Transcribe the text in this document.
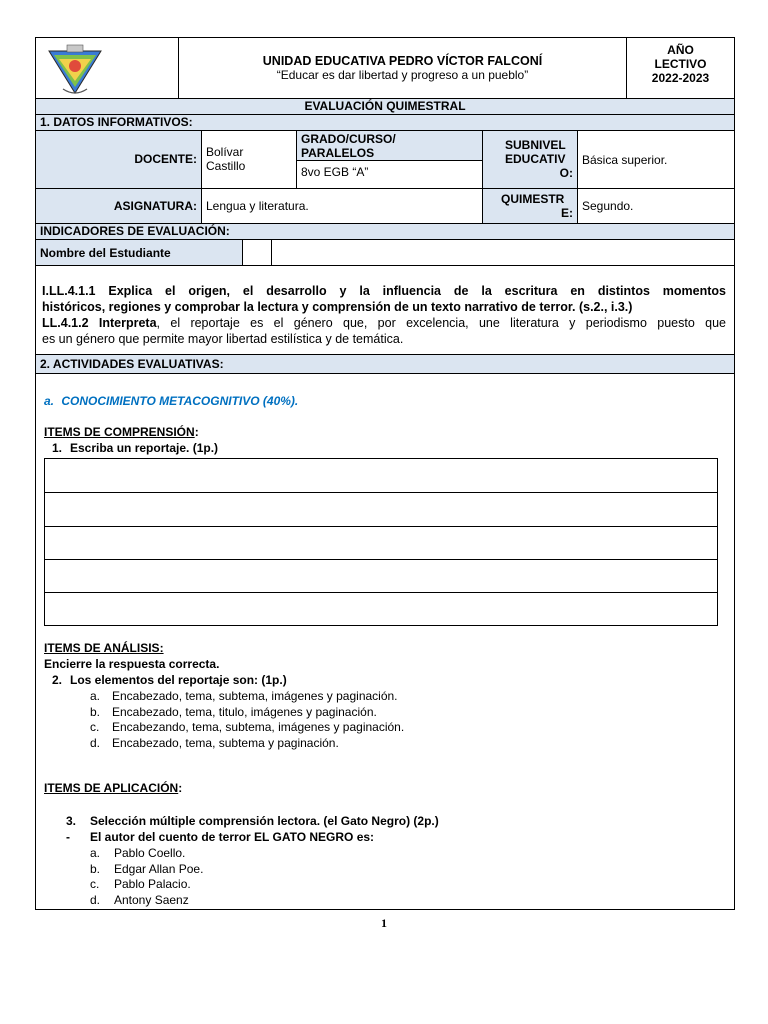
UNIDAD EDUCATIVA PEDRO VÍCTOR FALCONÍ
“Educar es dar libertad y progreso a un pueblo”
AÑO
LECTIVO
2022-2023
EVALUACIÓN QUIMESTRAL
1. DATOS INFORMATIVOS:
DOCENTE: Bolívar
Castillo
GRADO/CURSO/
PARALELOS
8vo EGB “A”
SUBNIVEL
EDUCATIV
O:
Básica superior.
ASIGNATURA: Lengua y literatura.	QUIMESTR
E: Segundo.
INDICADORES DE EVALUACIÓN:
Nombre del Estudiante
I.LL.4.1.1 Explica el origen, el desarrollo y la influencia de la escritura en distintos momentos
históricos, regiones y comprobar la lectura y comprensión de un texto narrativo de terror. (s.2., i.3.)
LL.4.1.2 Interpreta, el reportaje es el género que, por excelencia, une literatura y periodismo puesto que
es un género que permite mayor libertad estilística y de temática.
2. ACTIVIDADES EVALUATIVAS:
a. CONOCIMIENTO METACOGNITIVO (40%).
ITEMS DE COMPRENSIÓN:
1. Escriba un reportaje. (1p.)
ITEMS DE ANÁLISIS:
Encierre la respuesta correcta.
2. Los elementos del reportaje son: (1p.)
a. Encabezado, tema, subtema, imágenes y paginación.
b. Encabezado, tema, titulo, imágenes y paginación.
c. Encabezando, tema, subtema, imágenes y paginación.
d. Encabezado, tema, subtema y paginación.
ITEMS DE APLICACIÓN:
3. Selección múltiple comprensión lectora. (el Gato Negro) (2p.)
- El autor del cuento de terror EL GATO NEGRO es:
a. Pablo Coello.
b. Edgar Allan Poe.
c. Pablo Palacio.
d. Antony Saenz
1
